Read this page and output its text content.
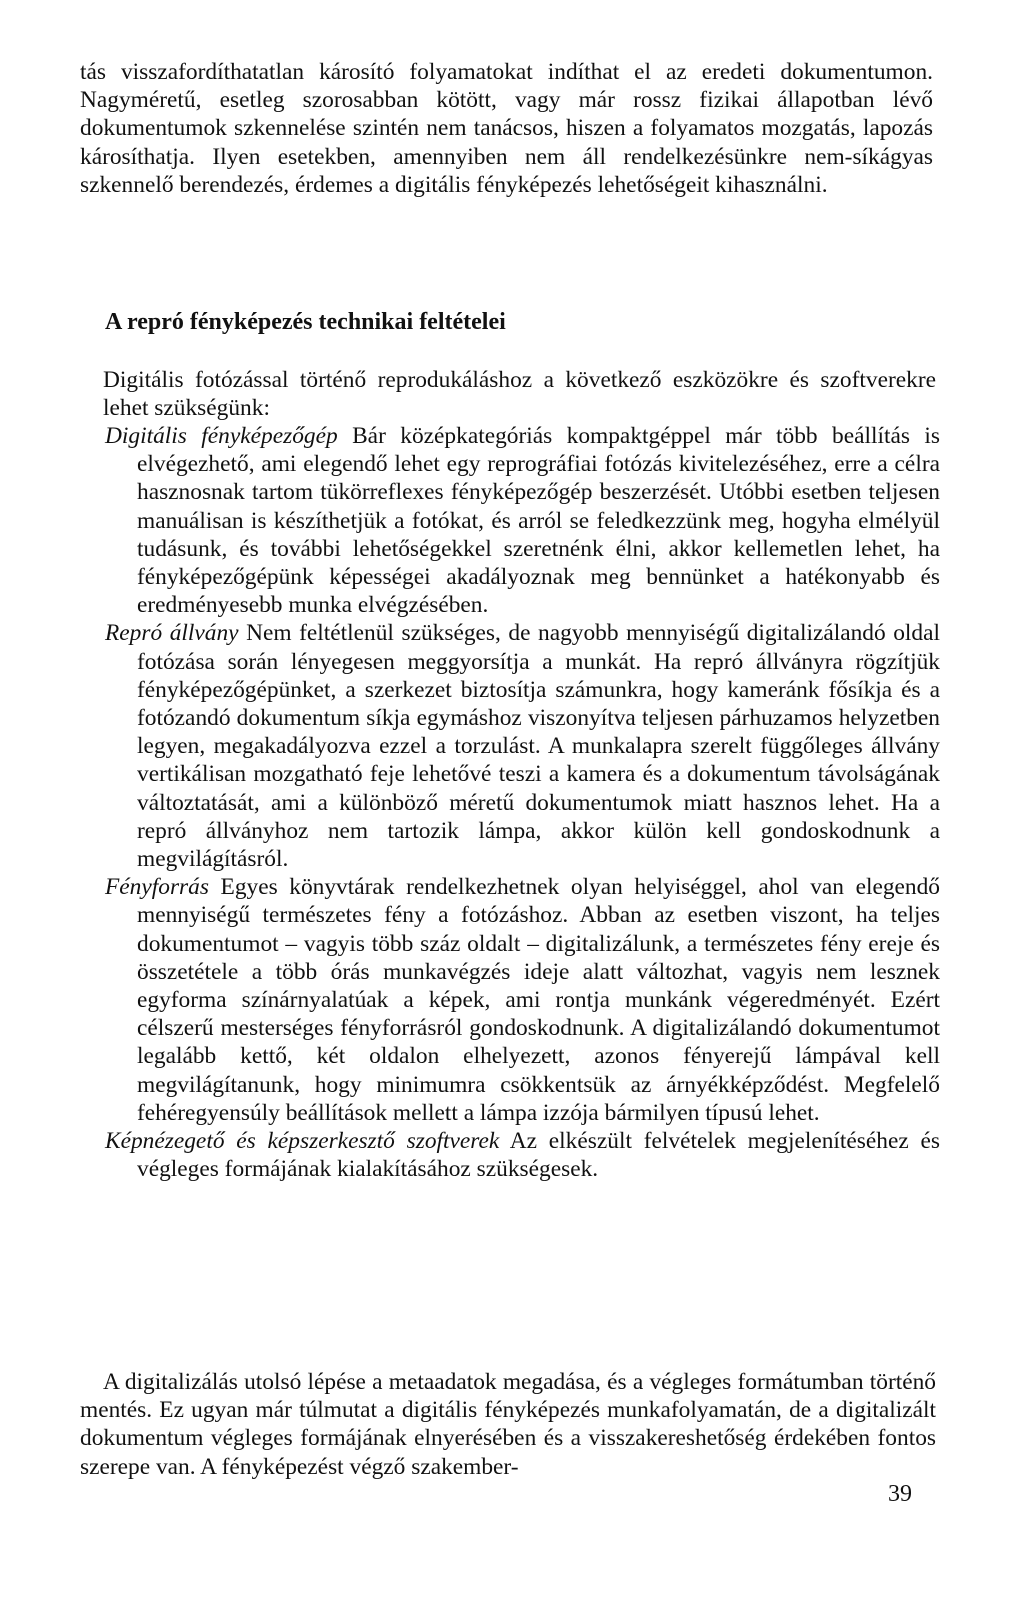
tás visszafordíthatatlan károsító folyamatokat indíthat el az eredeti dokumentumon. Nagyméretű, esetleg szorosabban kötött, vagy már rossz fizikai állapotban lévő dokumentumok szkennelése szintén nem tanácsos, hiszen a folyamatos mozgatás, lapozás károsíthatja. Ilyen esetekben, amennyiben nem áll rendelkezésünkre nem-síkágyas szkennelő berendezés, érdemes a digitális fényképezés lehetőségeit kihasználni.

A repró fényképezés technikai feltételei

Digitális fotózással történő reprodukáláshoz a következő eszközökre és szoftverekre lehet szükségünk:

Digitális fényképezőgép Bár középkategóriás kompaktgéppel már több beállítás is elvégezhető, ami elegendő lehet egy reprográfiai fotózás kivitelezéséhez, erre a célra hasznosnak tartom tükörreflexes fényképezőgép beszerzését. Utóbbi esetben teljesen manuálisan is készíthetjük a fotókat, és arról se feledkezzünk meg, hogyha elmélyül tudásunk, és további lehetőségekkel szeretnénk élni, akkor kellemetlen lehet, ha fényképezőgépünk képességei akadályoznak meg bennünket a hatékonyabb és eredményesebb munka elvégzésében.

Repró állvány Nem feltétlenül szükséges, de nagyobb mennyiségű digitalizálandó oldal fotózása során lényegesen meggyorsítja a munkát. Ha repró állványra rögzítjük fényképezőgépünket, a szerkezet biztosítja számunkra, hogy kameránk fősíkja és a fotózandó dokumentum síkja egymáshoz viszonyítva teljesen párhuzamos helyzetben legyen, megakadályozva ezzel a torzulást. A munkalapra szerelt függőleges állvány vertikálisan mozgatható feje lehetővé teszi a kamera és a dokumentum távolságának változtatását, ami a különböző méretű dokumentumok miatt hasznos lehet. Ha a repró állványhoz nem tartozik lámpa, akkor külön kell gondoskodnunk a megvilágításról.

Fényforrás Egyes könyvtárak rendelkezhetnek olyan helyiséggel, ahol van elegendő mennyiségű természetes fény a fotózáshoz. Abban az esetben viszont, ha teljes dokumentumot – vagyis több száz oldalt – digitalizálunk, a természetes fény ereje és összetétele a több órás munkavégzés ideje alatt változhat, vagyis nem lesznek egyforma színárnyalatúak a képek, ami rontja munkánk végeredményét. Ezért célszerű mesterséges fényforrásról gondoskodnunk. A digitalizálandó dokumentumot legalább kettő, két oldalon elhelyezett, azonos fényerejű lámpával kell megvilágítanunk, hogy minimumra csökkentsük az árnyékképződést. Megfelelő fehéregyensúly beállítások mellett a lámpa izzója bármilyen típusú lehet.

Képnézegető és képszerkesztő szoftverek Az elkészült felvételek megjelenítéséhez és végleges formájának kialakításához szükségesek.

A digitalizálás utolsó lépése a metaadatok megadása, és a végleges formátumban történő mentés. Ez ugyan már túlmutat a digitális fényképezés munkafolyamatán, de a digitalizált dokumentum végleges formájának elnyerésében és a visszakereshetőség érdekében fontos szerepe van. A fényképezést végző szakember-

39
